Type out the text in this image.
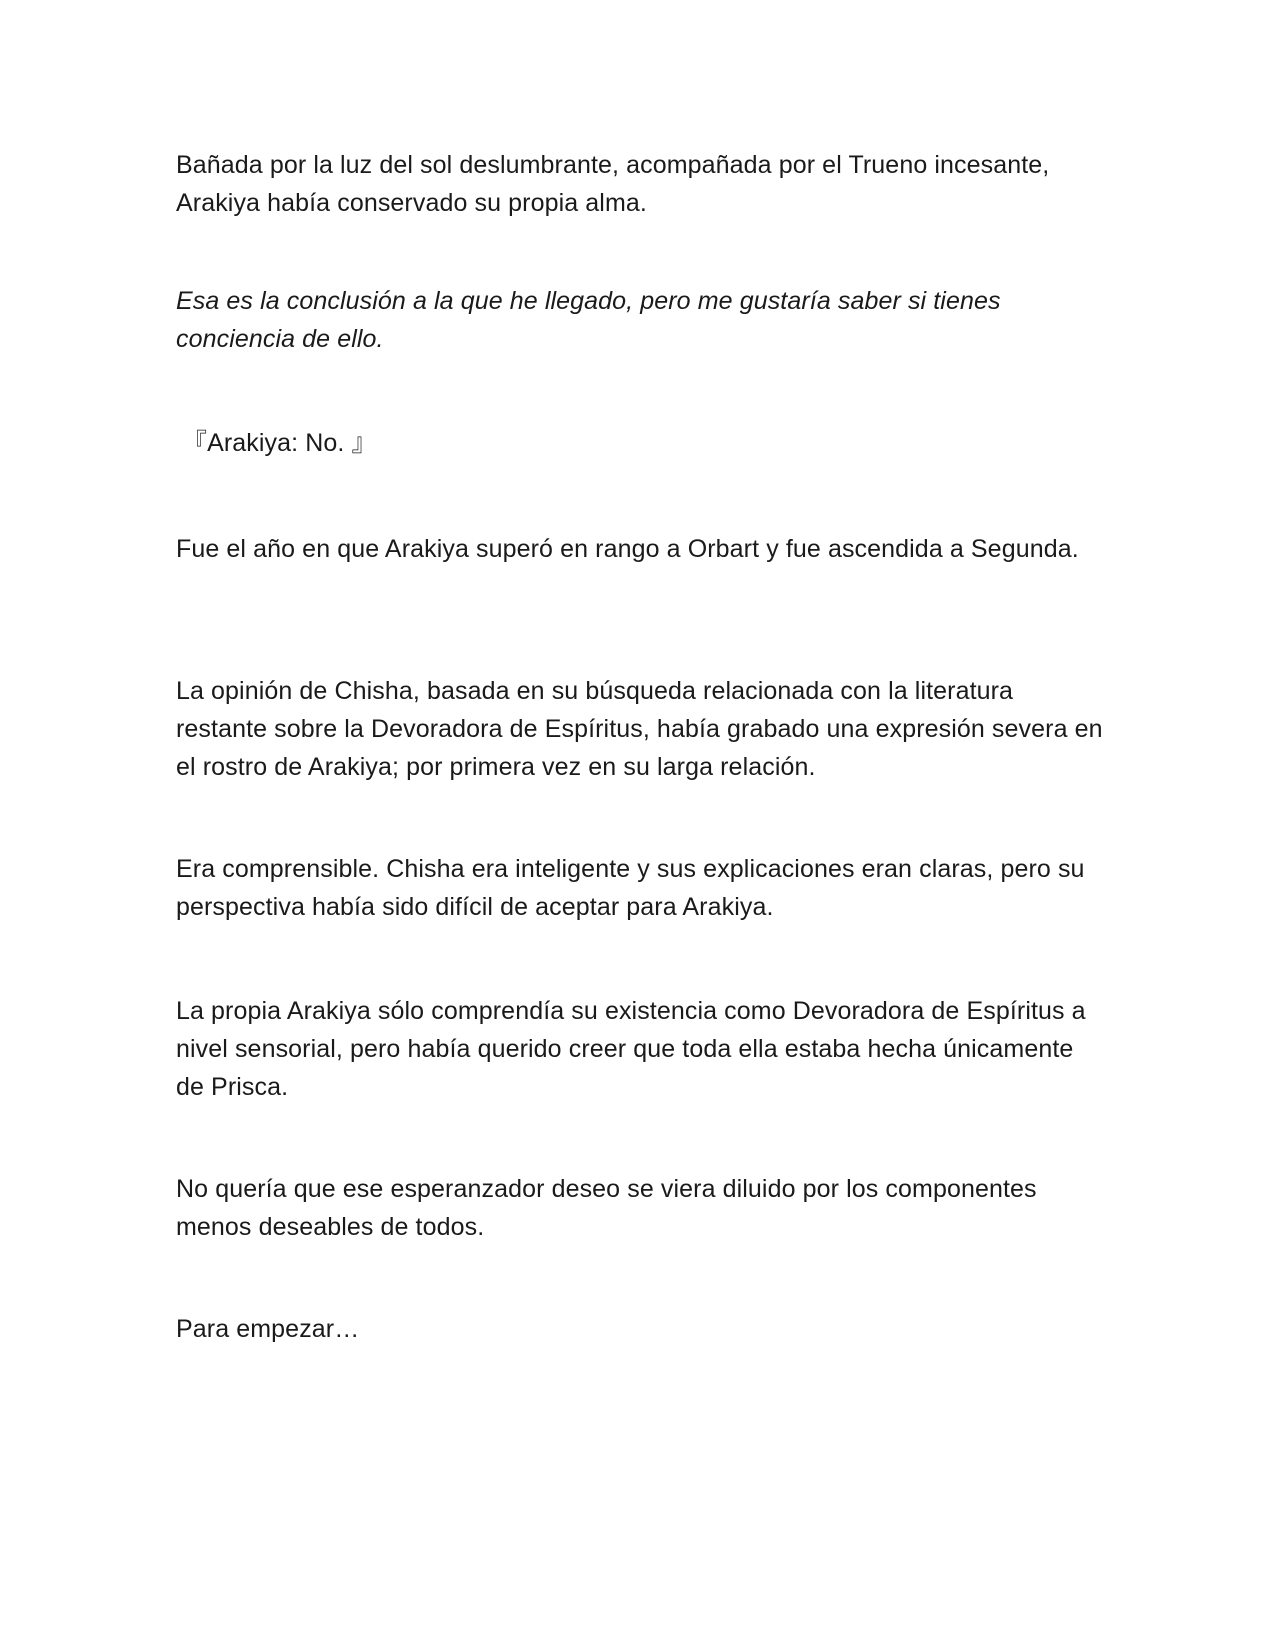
Bañada por la luz del sol deslumbrante, acompañada por el Trueno incesante, Arakiya había conservado su propia alma.

Esa es la conclusión a la que he llegado, pero me gustaría saber si tienes conciencia de ello.

『Arakiya: No. 』

Fue el año en que Arakiya superó en rango a Orbart y fue ascendida a Segunda.

La opinión de Chisha, basada en su búsqueda relacionada con la literatura restante sobre la Devoradora de Espíritus, había grabado una expresión severa en el rostro de Arakiya; por primera vez en su larga relación.

Era comprensible. Chisha era inteligente y sus explicaciones eran claras, pero su perspectiva había sido difícil de aceptar para Arakiya.

La propia Arakiya sólo comprendía su existencia como Devoradora de Espíritus a nivel sensorial, pero había querido creer que toda ella estaba hecha únicamente de Prisca.

No quería que ese esperanzador deseo se viera diluido por los componentes menos deseables de todos.

Para empezar…
